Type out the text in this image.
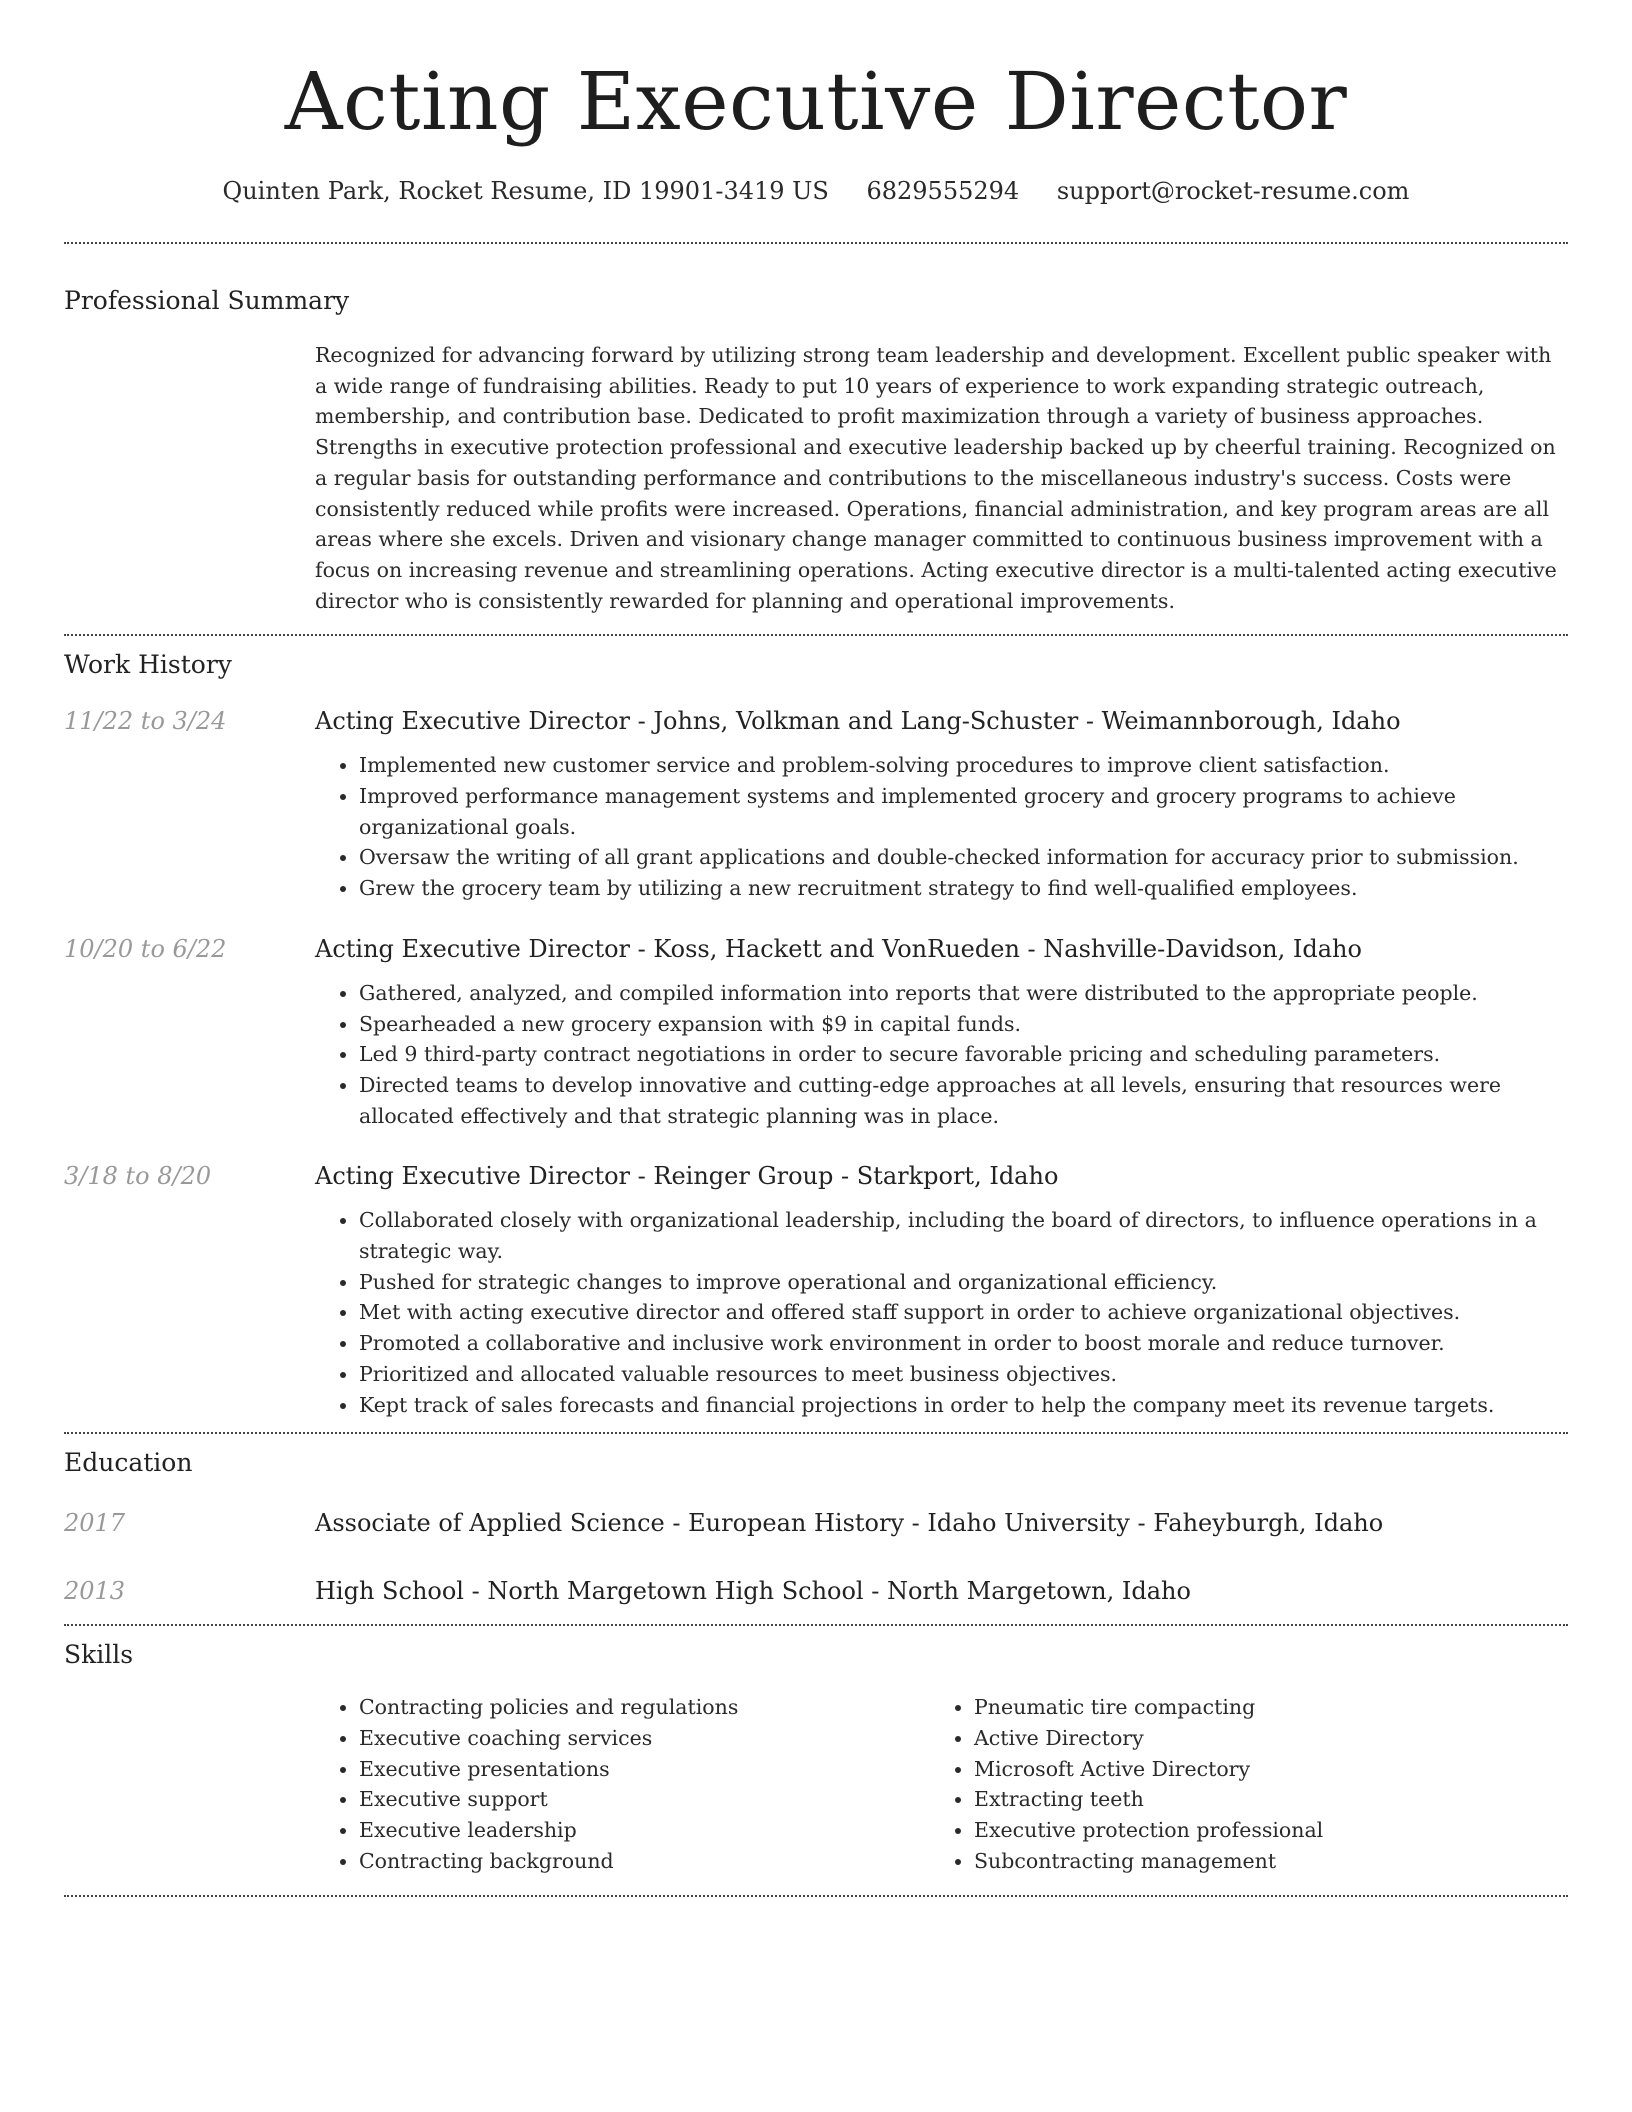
Acting Executive Director
Quinten Park, Rocket Resume, ID 19901-3419 US 6829555294 support@rocket-resume.com
Professional Summary
Recognized for advancing forward by utilizing strong team leadership and development. Excellent public speaker with a wide range of fundraising abilities. Ready to put 10 years of experience to work expanding strategic outreach, membership, and contribution base. Dedicated to profit maximization through a variety of business approaches. Strengths in executive protection professional and executive leadership backed up by cheerful training. Recognized on a regular basis for outstanding performance and contributions to the miscellaneous industry's success. Costs were consistently reduced while profits were increased. Operations, financial administration, and key program areas are all areas where she excels. Driven and visionary change manager committed to continuous business improvement with a focus on increasing revenue and streamlining operations. Acting executive director is a multi-talented acting executive director who is consistently rewarded for planning and operational improvements.
Work History
11/22 to 3/24	Acting Executive Director - Johns, Volkman and Lang-Schuster - Weimannborough, Idaho
• Implemented new customer service and problem-solving procedures to improve client satisfaction.
• Improved performance management systems and implemented grocery and grocery programs to achieve organizational goals.
• Oversaw the writing of all grant applications and double-checked information for accuracy prior to submission.
• Grew the grocery team by utilizing a new recruitment strategy to find well-qualified employees.
10/20 to 6/22	Acting Executive Director - Koss, Hackett and VonRueden - Nashville-Davidson, Idaho
• Gathered, analyzed, and compiled information into reports that were distributed to the appropriate people.
• Spearheaded a new grocery expansion with $9 in capital funds.
• Led 9 third-party contract negotiations in order to secure favorable pricing and scheduling parameters.
• Directed teams to develop innovative and cutting-edge approaches at all levels, ensuring that resources were allocated effectively and that strategic planning was in place.
3/18 to 8/20	Acting Executive Director - Reinger Group - Starkport, Idaho
• Collaborated closely with organizational leadership, including the board of directors, to influence operations in a strategic way.
• Pushed for strategic changes to improve operational and organizational efficiency.
• Met with acting executive director and offered staff support in order to achieve organizational objectives.
• Promoted a collaborative and inclusive work environment in order to boost morale and reduce turnover.
• Prioritized and allocated valuable resources to meet business objectives.
• Kept track of sales forecasts and financial projections in order to help the company meet its revenue targets.
Education
2017	Associate of Applied Science - European History - Idaho University - Faheyburgh, Idaho
2013	High School - North Margetown High School - North Margetown, Idaho
Skills
• Contracting policies and regulations
• Executive coaching services
• Executive presentations
• Executive support
• Executive leadership
• Contracting background
• Pneumatic tire compacting
• Active Directory
• Microsoft Active Directory
• Extracting teeth
• Executive protection professional
• Subcontracting management
